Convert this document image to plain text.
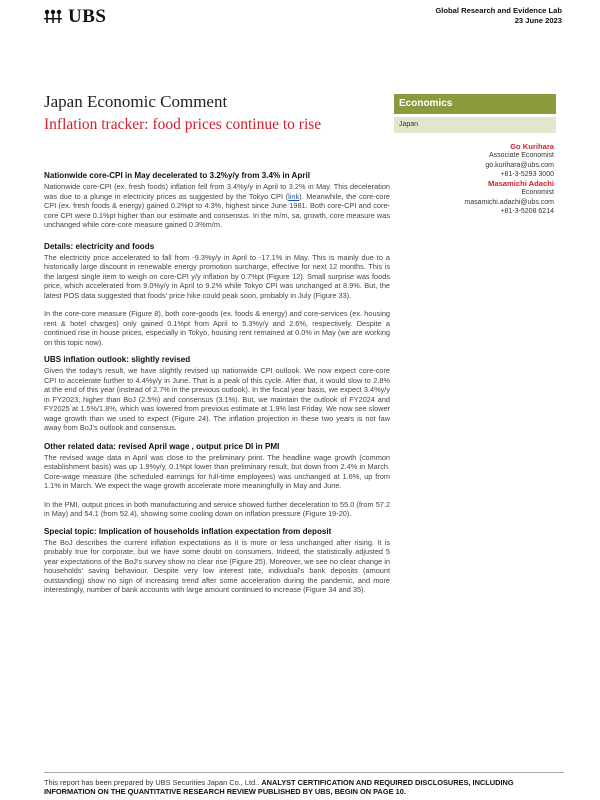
UBS	Global Research and Evidence Lab
23 June 2023
Japan Economic Comment
Inflation tracker: food prices continue to rise
Economics
Japan
Go Kurihara
Associate Economist
go.kurihara@ubs.com
+81-3-5293 3000
Masamichi Adachi
Economist
masamichi.adachi@ubs.com
+81-3-5208 6214
Nationwide core-CPI in May decelerated to 3.2%y/y from 3.4% in April

Nationwide core-CPI (ex. fresh foods) inflation fell from 3.4%y/y in April to 3.2% in May. This deceleration was due to a plunge in electricity prices as suggested by the Tokyo CPI (link). Meanwhile, the core-core CPI (ex. fresh foods & energy) gained 0.2%pt to 4.3%, highest since June 1981. Both core-CPI and core-core CPI were 0.1%pt higher than our estimate and consensus. In the m/m, sa, growth, core measure was unchanged while core-core measure gained 0.3%m/m.

Details: electricity and foods

The electricity price accelerated to fall from -9.3%y/y in April to -17.1% in May. This is mainly due to a historically large discount in renewable energy promotion surcharge, effective for next 12 months. This is the largest single item to weigh on core-CPI y/y inflation by 0.7%pt (Figure 12). Small surprise was foods price, which accelerated from 9.0%y/y in April to 9.2% while Tokyo CPI was unchanged at 8.9%. But, the latest POS data suggested that foods' price hike could peak soon, probably in July (Figure 33).

In the core-core measure (Figure 8), both core-goods (ex. foods & energy) and core-services (ex. housing rent & hotel charges) only gained 0.1%pt from April to 5.3%y/y and 2.6%, respectively. Despite a continued rise in house prices, especially in Tokyo, housing rent remained at 0.0% in May (we are working on this topic now).

UBS inflation outlook: slightly revised

Given the today's result, we have slightly revised up nationwide CPI outlook. We now expect core-core CPI to accelerate further to 4.4%y/y in June. That is a peak of this cycle. After that, it would slow to 2.8% at the end of this year (instead of 2.7% in the previous outlook). In the fiscal year basis, we expect 3.4%y/y in FY2023, higher than BoJ (2.5%) and consensus (3.1%). But, we maintain the outlook of FY2024 and FY2025 at 1.5%/1.8%, which was lowered from previous estimate at 1.9% last Friday. We now see slower wage growth than we used to expect (Figure 24). The inflation projection in these two years is not faw away from BoJ's outlook and consensus.

Other related data: revised April wage , output price DI in PMI

The revised wage data in April was close to the preliminary print. The headline wage growth (common establishment basis) was up 1.9%y/y, 0.1%pt lower than preliminary result, but down from 2.4% in March. Core-wage measure (the scheduled earnings for full-time employees) was unchanged at 1.6%, up from 1.1% in March. We expect the wage growth accelerate more meaningfully in May and June.

In the PMI, output prices in both manufacturing and service showed further deceleration to 55.0 (from 57.2 in May) and 54.1 (from 52.4), showing some cooling down on inflation pressure (Figure 19-20).

Special topic: Implication of households inflation expectation from deposit

The BoJ describes the current inflation expectations as it is more or less unchanged after rising. It is probably true for corporate, but we have some doubt on consumers. Indeed, the statistically adjusted 5 year expectations of the BoJ's survey show no clear rise (Figure 25). Moreover, we see no clear change in households' saving behaviour. Despite very low interest rate, individual's bank deposits (amount outstanding) show no sign of increasing trend after some acceleration during the pandemic, and more interestingly, number of bank accounts with large amount continued to increase (Figure 34 and 35).

This report has been prepared by UBS Securities Japan Co., Ltd.. ANALYST CERTIFICATION AND REQUIRED DISCLOSURES, INCLUDING INFORMATION ON THE QUANTITATIVE RESEARCH REVIEW PUBLISHED BY UBS, BEGIN ON PAGE 10.
